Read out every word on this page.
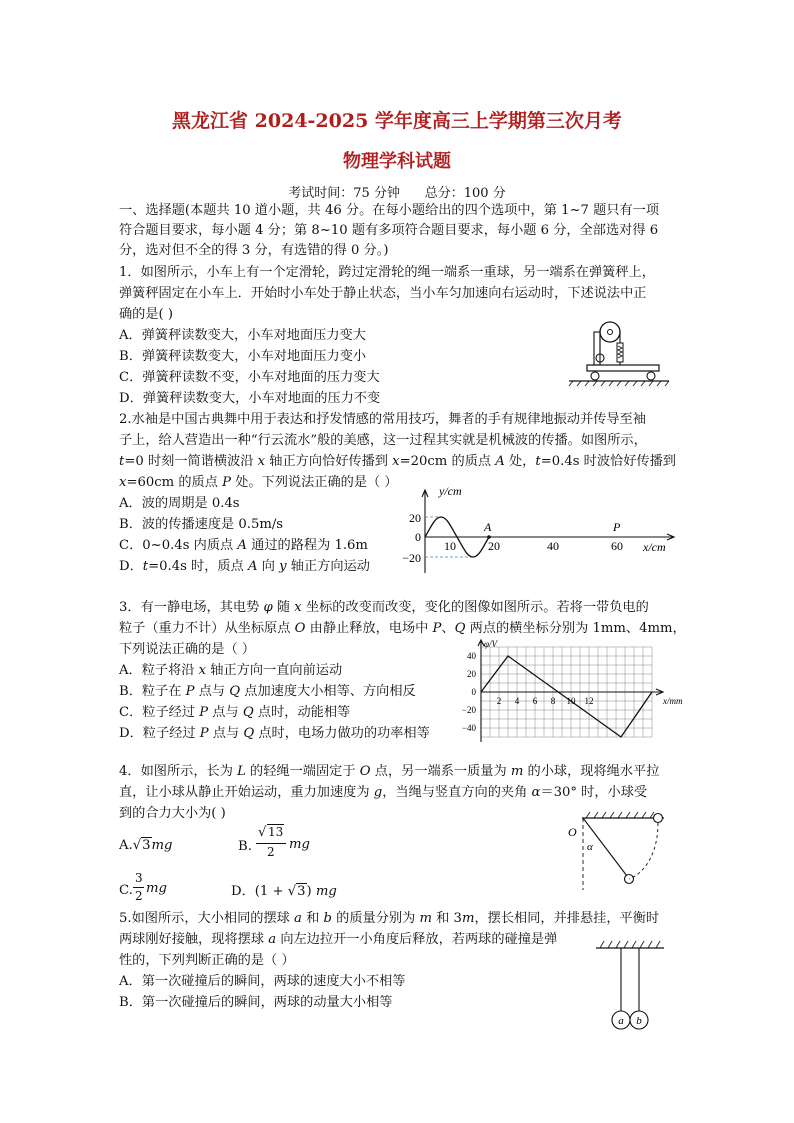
黑龙江省 2024-2025 学年度高三上学期第三次月考
物理学科试题
考试时间：75 分钟      总分：100 分
一、选择题(本题共 10 道小题，共 46 分。在每小题给出的四个选项中，第 1~7 题只有一项
符合题目要求，每小题 4 分；第 8~10 题有多项符合题目要求，每小题 6 分，全部选对得 6
分，选对但不全的得 3 分，有选错的得 0 分。)
1．如图所示，小车上有一个定滑轮，跨过定滑轮的绳一端系一重球，另一端系在弹簧秤上，
弹簧秤固定在小车上．开始时小车处于静止状态，当小车匀加速向右运动时，下述说法中正
确的是( )
A．弹簧秤读数变大，小车对地面压力变大
B．弹簧秤读数变大，小车对地面压力变小
C．弹簧秤读数不变，小车对地面的压力变大
D．弹簧秤读数变大，小车对地面的压力不变
2.水袖是中国古典舞中用于表达和抒发情感的常用技巧，舞者的手有规律地振动并传导至袖
子上，给人营造出一种“行云流水”般的美感，这一过程其实就是机械波的传播。如图所示，
t=0 时刻一简谐横波沿 x 轴正方向恰好传播到 x=20cm 的质点 A 处，t=0.4s 时波恰好传播到
x=60cm 的质点 P 处。下列说法正确的是（ ）
A．波的周期是 0.4s
B．波的传播速度是 0.5m/s
C．0~0.4s 内质点 A 通过的路程为 1.6m
D．t=0.4s 时，质点 A 向 y 轴正方向运动
y/cm
x/cm
20
0
−20
10	20	40	60
A	P
3．有一静电场，其电势 φ 随 x 坐标的改变而改变，变化的图像如图所示。若将一带负电的
粒子（重力不计）从坐标原点 O 由静止释放，电场中 P、Q 两点的横坐标分别为 1mm、4mm，
下列说法正确的是（ ）
A．粒子将沿 x 轴正方向一直向前运动
B．粒子在 P 点与 Q 点加速度大小相等、方向相反
C．粒子经过 P 点与 Q 点时，动能相等
D．粒子经过 P 点与 Q 点时，电场力做功的功率相等
φ/V
x/mm
40
20
0
−20
−40
2 4 6 8 10 12
4．如图所示，长为 L 的轻绳一端固定于 O 点，另一端系一质量为 m 的小球，现将绳水平拉
直，让小球从静止开始运动，重力加速度为 g，当绳与竖直方向的夹角 α＝30° 时，小球受
到的合力大小为( )
A.√3mg	B.
√ 13
2 mg
C.
3
2 mg	D．(1 + √3) mg
O
α
5.如图所示，大小相同的摆球 a 和 b 的质量分别为 m 和 3m，摆长相同，并排悬挂，平衡时
两球刚好接触，现将摆球 a 向左边拉开一小角度后释放，若两球的碰撞是弹
性的，下列判断正确的是（ ）
A．第一次碰撞后的瞬间，两球的速度大小不相等
B．第一次碰撞后的瞬间，两球的动量大小相等
a b
